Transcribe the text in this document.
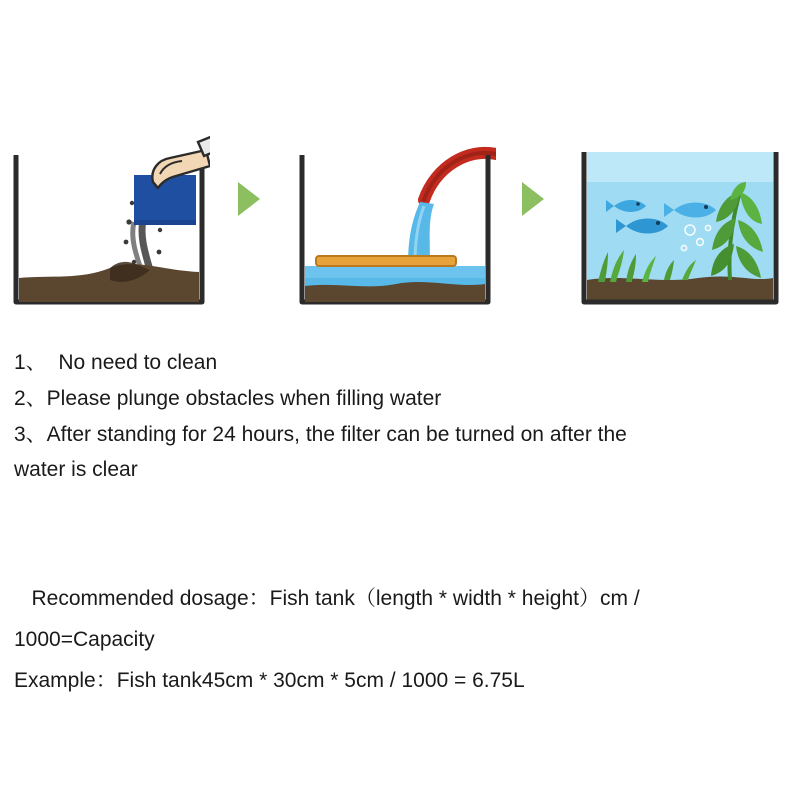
1、  No need to clean
2、Please plunge obstacles when filling water
3、After standing for 24 hours, the filter can be turned on after the
water is clear
Recommended dosage：Fish tank（length * width * height）cm /
1000=Capacity
Example：Fish tank45cm * 30cm * 5cm / 1000 = 6.75L
